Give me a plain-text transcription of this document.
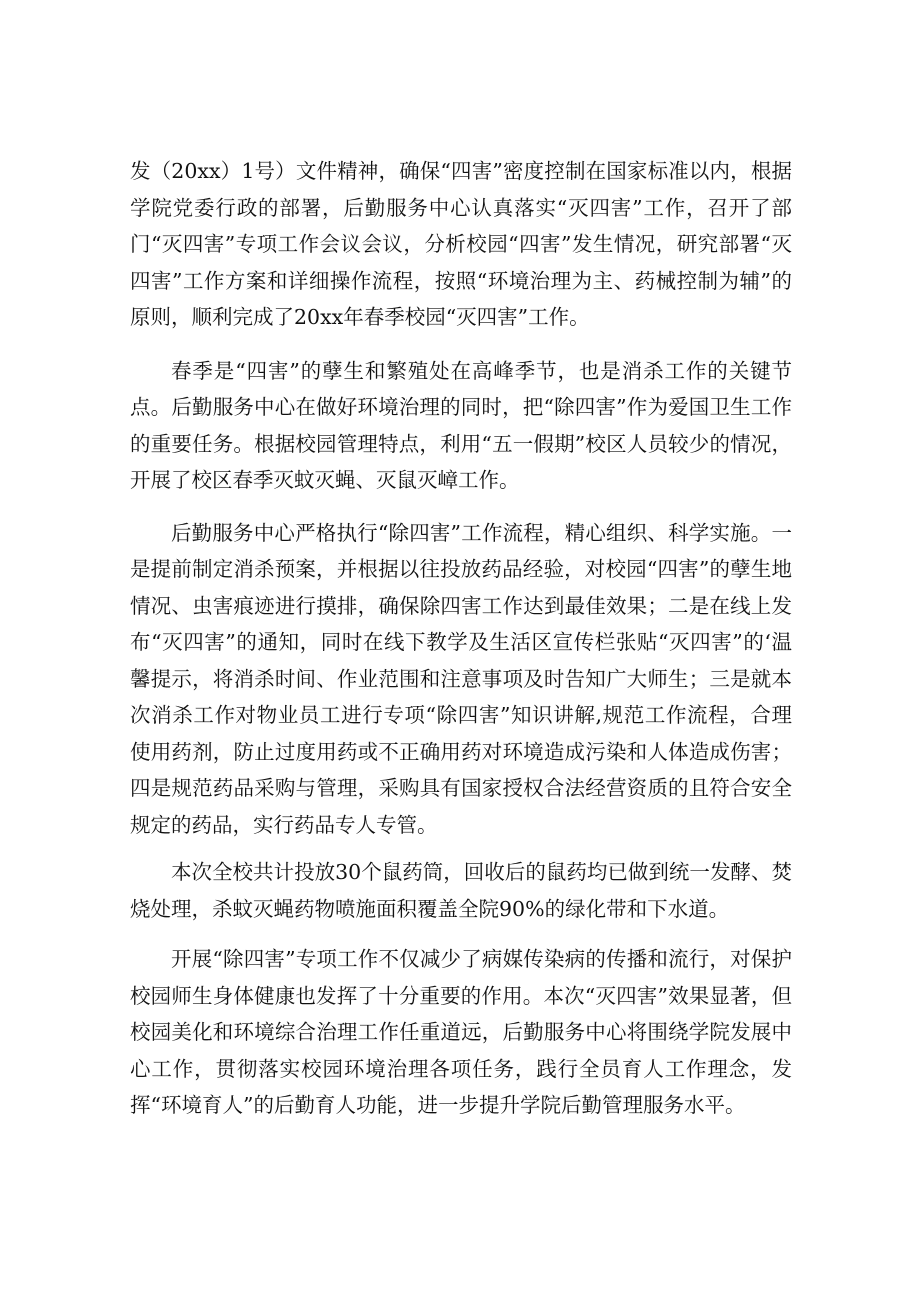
发（20xx）1号）文件精神，确保“四害”密度控制在国家标准以内，根据学院党委行政的部署，后勤服务中心认真落实“灭四害”工作，召开了部门“灭四害”专项工作会议会议，分析校园“四害”发生情况，研究部署“灭四害”工作方案和详细操作流程，按照“环境治理为主、药械控制为辅”的原则，顺利完成了20xx年春季校园“灭四害”工作。

春季是“四害”的孽生和繁殖处在高峰季节，也是消杀工作的关键节点。后勤服务中心在做好环境治理的同时，把“除四害”作为爱国卫生工作的重要任务。根据校园管理特点，利用“五一假期”校区人员较少的情况，开展了校区春季灭蚊灭蝇、灭鼠灭嶂工作。

后勤服务中心严格执行“除四害”工作流程，精心组织、科学实施。一是提前制定消杀预案，并根据以往投放药品经验，对校园“四害”的孽生地情况、虫害痕迹进行摸排，确保除四害工作达到最佳效果；二是在线上发布“灭四害”的通知，同时在线下教学及生活区宣传栏张贴“灭四害”的‘温馨提示，将消杀时间、作业范围和注意事项及时告知广大师生；三是就本次消杀工作对物业员工进行专项“除四害”知识讲解,规范工作流程，合理使用药剂，防止过度用药或不正确用药对环境造成污染和人体造成伤害；四是规范药品采购与管理，采购具有国家授权合法经营资质的且符合安全规定的药品，实行药品专人专管。

本次全校共计投放30个鼠药筒，回收后的鼠药均已做到统一发酵、焚烧处理，杀蚊灭蝇药物喷施面积覆盖全院90%的绿化带和下水道。

开展“除四害”专项工作不仅减少了病媒传染病的传播和流行，对保护校园师生身体健康也发挥了十分重要的作用。本次“灭四害”效果显著，但校园美化和环境综合治理工作任重道远，后勤服务中心将围绕学院发展中心工作，贯彻落实校园环境治理各项任务，践行全员育人工作理念，发挥“环境育人”的后勤育人功能，进一步提升学院后勤管理服务水平。
